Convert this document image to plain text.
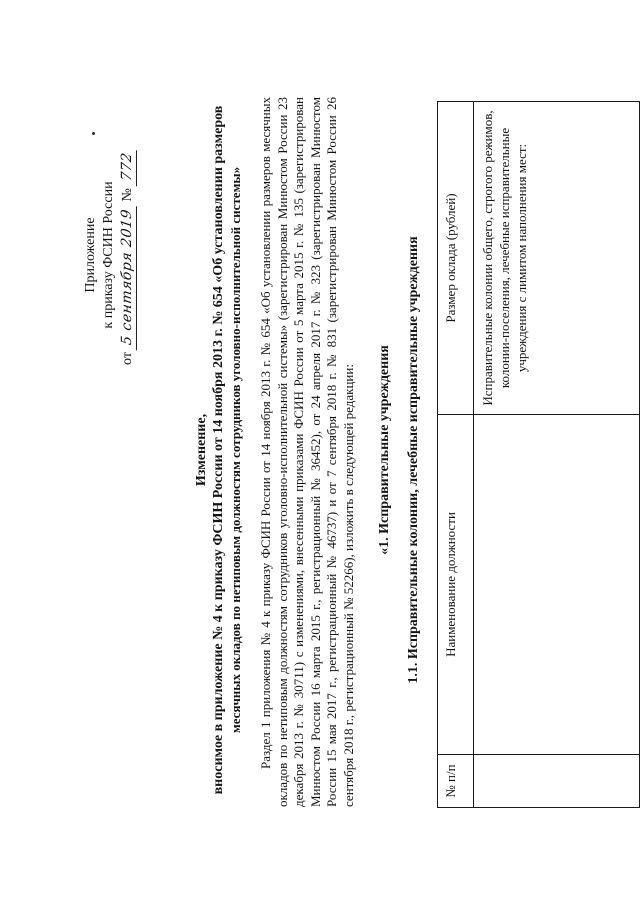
Приложение к приказу ФСИН России
от 5 сентября 2019 № 772
Изменение, вносимое в приложение № 4 к приказу ФСИН России от 14 ноября 2013 г. № 654 «Об установлении размеров месячных окладов по нетиповым должностям сотрудников уголовно-исполнительной системы» Раздел 1 приложения № 4 к приказу ФСИН России от 14 ноября 2013 г. № 654 «Об установлении размеров месячных окладов по нетиповым должностям сотрудников уголовно-исполнительной системы» (зарегистрирован Минюстом России 23 декабря 2013 г. № 30711) с изменениями, внесенными приказами ФСИН России от 5 марта 2015 г. № 135 (зарегистрирован Минюстом России 16 марта 2015 г., регистрационный № 36452), от 24 апреля 2017 г. № 323 (зарегистрирован Минюстом России 15 мая 2017 г., регистрационный № 46737) и от 7 сентября 2018 г. № 831 (зарегистрирован Минюстом России 26 сентября 2018 г., регистрационный № 52266), изложить в следующей редакции: «1. Исправительные учреждения 1.1. Исправительные колонии, лечебные исправительные учреждения
№ п/п	Наименование должности	Размер оклада (рублей)
		Исправительные колонии общего, строгого режимов, колонии-поселения, лечебные исправительные учреждения с лимитом наполнения мест:
